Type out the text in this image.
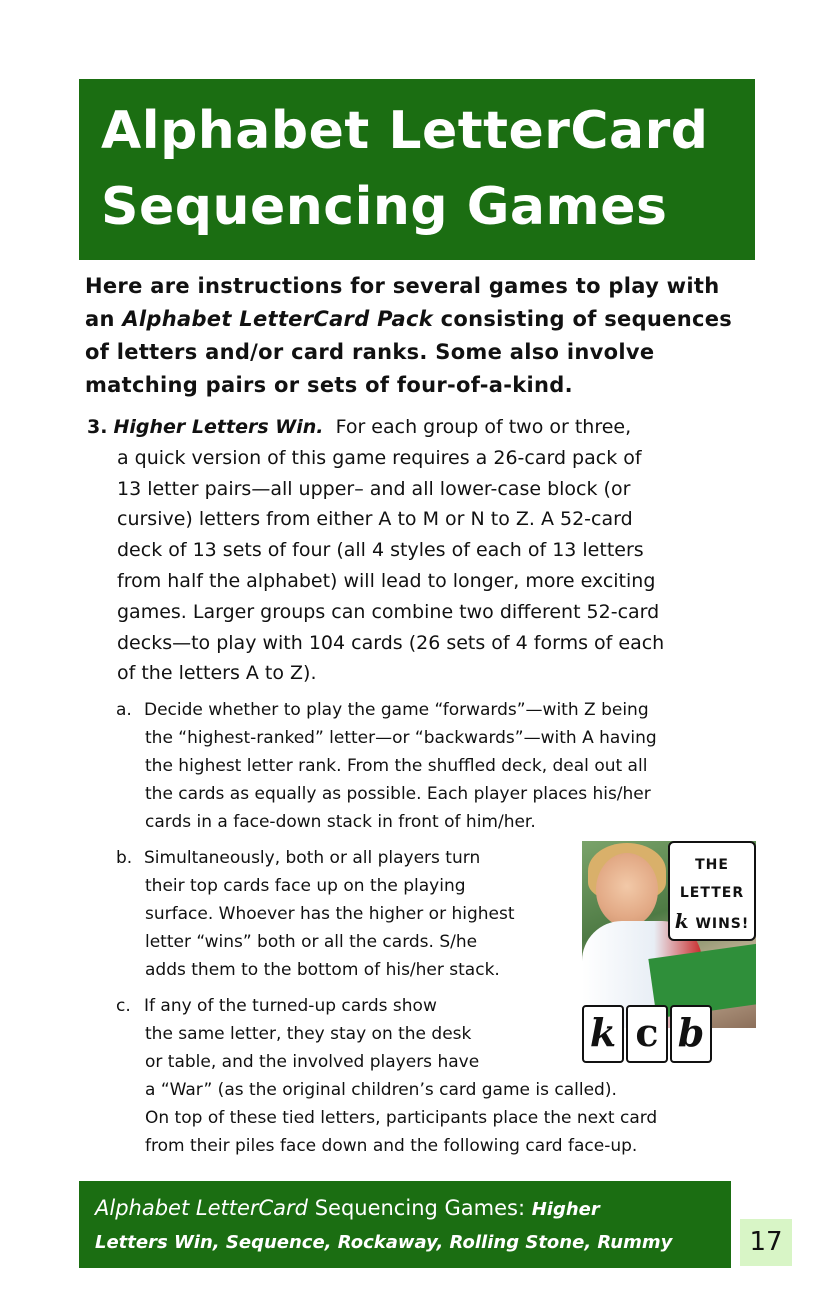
Alphabet LetterCard
Sequencing Games
Here are instructions for several games to play with
an Alphabet LetterCard Pack consisting of sequences
of letters and/or card ranks. Some also involve
matching pairs or sets of four-of-a-kind.
3. Higher Letters Win. For each group of two or three,
a quick version of this game requires a 26-card pack of
13 letter pairs—all upper– and all lower-case block (or
cursive) letters from either A to M or N to Z. A 52-card
deck of 13 sets of four (all 4 styles of each of 13 letters
from half the alphabet) will lead to longer, more exciting
games. Larger groups can combine two different 52-card
decks—to play with 104 cards (26 sets of 4 forms of each
of the letters A to Z).
a. Decide whether to play the game “forwards”—with Z being
the “highest-ranked” letter—or “backwards”—with A having
the highest letter rank. From the shuffled deck, deal out all
the cards as equally as possible. Each player places his/her
cards in a face-down stack in front of him/her.
b. Simultaneously, both or all players turn
their top cards face up on the playing
surface. Whoever has the higher or highest
letter “wins” both or all the cards. S/he
adds them to the bottom of his/her stack.
c. If any of the turned-up cards show
the same letter, they stay on the desk
or table, and the involved players have
a “War” (as the original children’s card game is called).
On top of these tied letters, participants place the next card
from their piles face down and the following card face-up.
THE
LETTER
k WINS!
k c b
Alphabet LetterCard Sequencing Games: Higher
Letters Win, Sequence, Rockaway, Rolling Stone, Rummy	17
